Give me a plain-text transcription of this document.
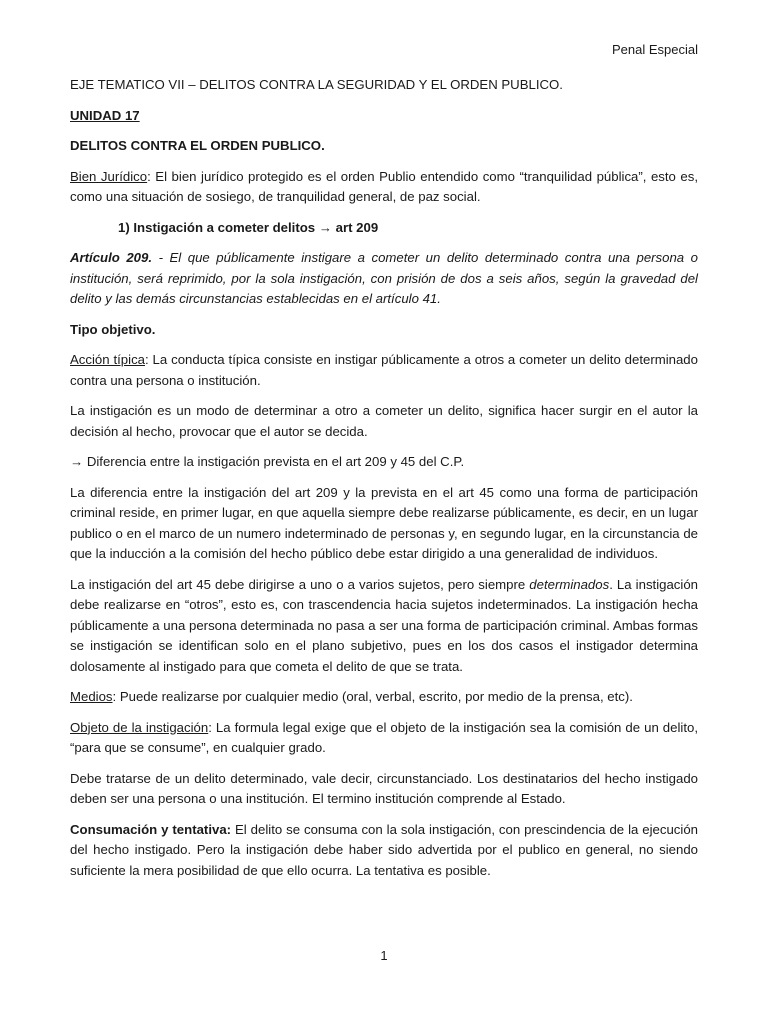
Penal Especial

EJE TEMATICO VII – DELITOS CONTRA LA SEGURIDAD Y EL ORDEN PUBLICO.

UNIDAD 17

DELITOS CONTRA EL ORDEN PUBLICO.

Bien Jurídico: El bien jurídico protegido es el orden Publio entendido como “tranquilidad pública”, esto es, como una situación de sosiego, de tranquilidad general, de paz social.

1) Instigación a cometer delitos → art 209

Artículo 209. - El que públicamente instigare a cometer un delito determinado contra una persona o institución, será reprimido, por la sola instigación, con prisión de dos a seis años, según la gravedad del delito y las demás circunstancias establecidas en el artículo 41.

Tipo objetivo.

Acción típica: La conducta típica consiste en instigar públicamente a otros a cometer un delito determinado contra una persona o institución.

La instigación es un modo de determinar a otro a cometer un delito, significa hacer surgir en el autor la decisión al hecho, provocar que el autor se decida.

→ Diferencia entre la instigación prevista en el art 209 y 45 del C.P.

La diferencia entre la instigación del art 209 y la prevista en el art 45 como una forma de participación criminal reside, en primer lugar, en que aquella siempre debe realizarse públicamente, es decir, en un lugar publico o en el marco de un numero indeterminado de personas y, en segundo lugar, en la circunstancia de que la inducción a la comisión del hecho público debe estar dirigido a una generalidad de individuos.

La instigación del art 45 debe dirigirse a uno o a varios sujetos, pero siempre determinados. La instigación debe realizarse en “otros”, esto es, con trascendencia hacia sujetos indeterminados. La instigación hecha públicamente a una persona determinada no pasa a ser una forma de participación criminal. Ambas formas se instigación se identifican solo en el plano subjetivo, pues en los dos casos el instigador determina dolosamente al instigado para que cometa el delito de que se trata.

Medios: Puede realizarse por cualquier medio (oral, verbal, escrito, por medio de la prensa, etc).

Objeto de la instigación: La formula legal exige que el objeto de la instigación sea la comisión de un delito, “para que se consume”, en cualquier grado.

Debe tratarse de un delito determinado, vale decir, circunstanciado. Los destinatarios del hecho instigado deben ser una persona o una institución. El termino institución comprende al Estado.

Consumación y tentativa: El delito se consuma con la sola instigación, con prescindencia de la ejecución del hecho instigado. Pero la instigación debe haber sido advertida por el publico en general, no siendo suficiente la mera posibilidad de que ello ocurra. La tentativa es posible.

1
